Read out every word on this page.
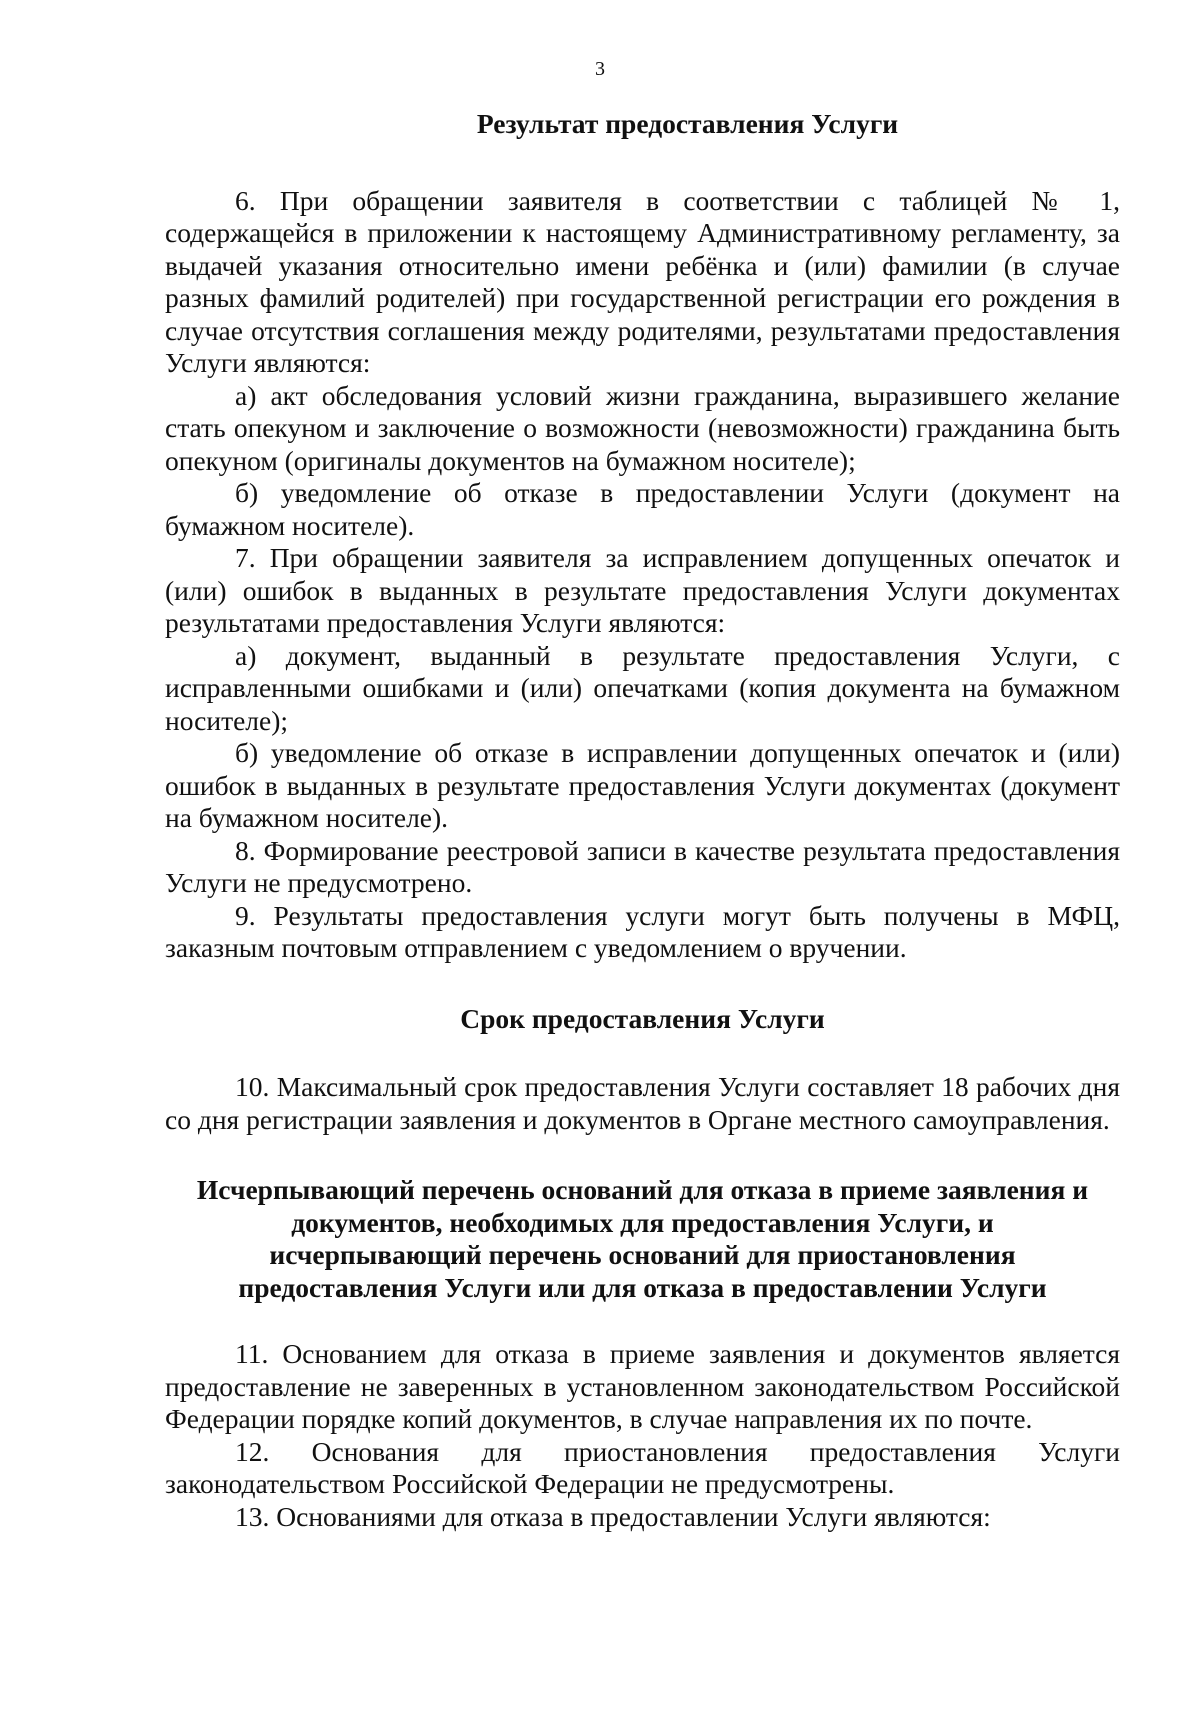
3
Результат предоставления Услуги

6. При обращении заявителя в соответствии с таблицей № 1, содержащейся в приложении к настоящему Административному регламенту, за выдачей указания относительно имени ребёнка и (или) фамилии (в случае разных фамилий родителей) при государственной регистрации его рождения в случае отсутствия соглашения между родителями, результатами предоставления Услуги являются:

а) акт обследования условий жизни гражданина, выразившего желание стать опекуном и заключение о возможности (невозможности) гражданина быть опекуном (оригиналы документов на бумажном носителе);

б) уведомление об отказе в предоставлении Услуги (документ на бумажном носителе).

7. При обращении заявителя за исправлением допущенных опечаток и (или) ошибок в выданных в результате предоставления Услуги документах результатами предоставления Услуги являются:

а) документ, выданный в результате предоставления Услуги, с исправленными ошибками и (или) опечатками (копия документа на бумажном носителе);

б) уведомление об отказе в исправлении допущенных опечаток и (или) ошибок в выданных в результате предоставления Услуги документах (документ на бумажном носителе).

8. Формирование реестровой записи в качестве результата предоставления Услуги не предусмотрено.

9. Результаты предоставления услуги могут быть получены в МФЦ, заказным почтовым отправлением с уведомлением о вручении.

Срок предоставления Услуги

10. Максимальный срок предоставления Услуги составляет 18 рабочих дня со дня регистрации заявления и документов в Органе местного самоуправления.

Исчерпывающий перечень оснований для отказа в приеме заявления и
документов, необходимых для предоставления Услуги, и
исчерпывающий перечень оснований для приостановления
предоставления Услуги или для отказа в предоставлении Услуги

11. Основанием для отказа в приеме заявления и документов является предоставление не заверенных в установленном законодательством Российской Федерации порядке копий документов, в случае направления их по почте.

12. Основания для приостановления предоставления Услуги законодательством Российской Федерации не предусмотрены.

13. Основаниями для отказа в предоставлении Услуги являются:
